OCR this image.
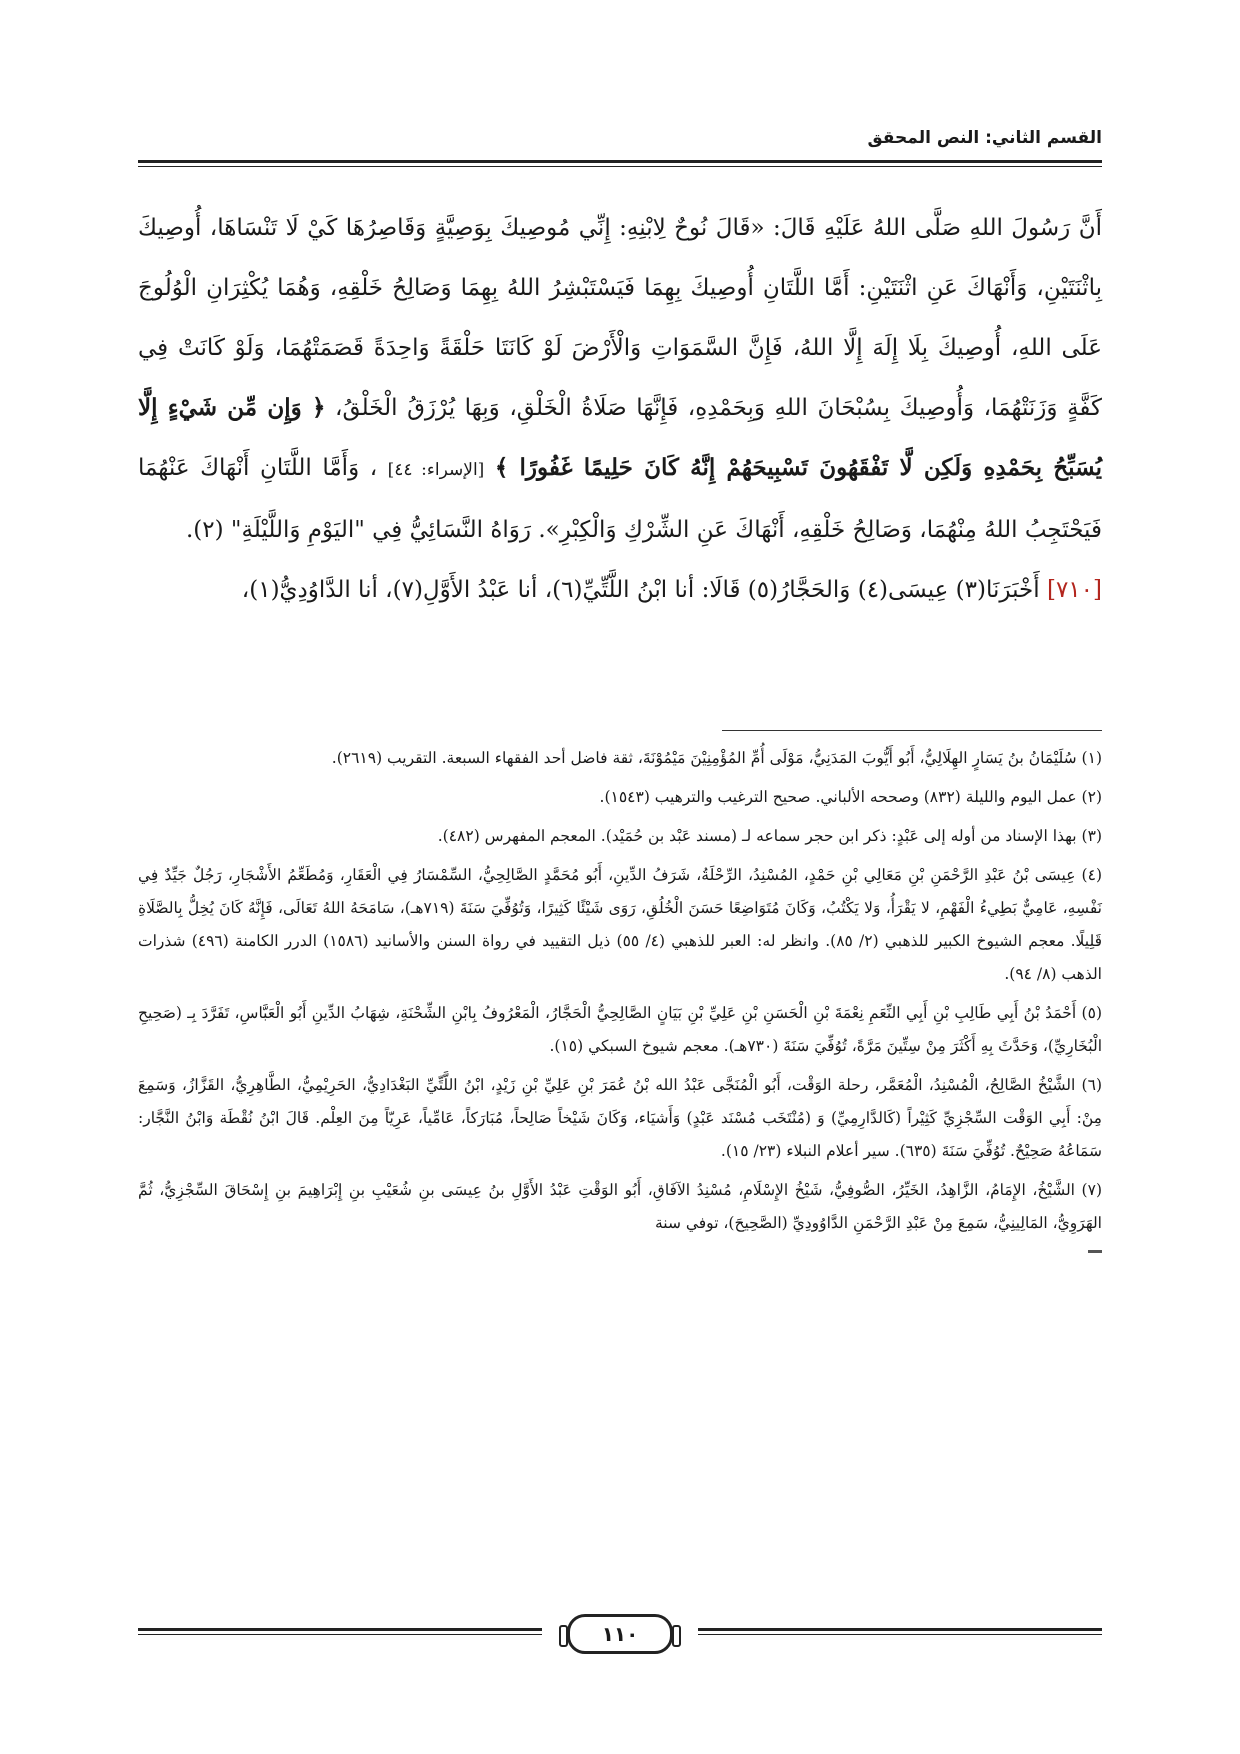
القسم الثاني: النص المحقق

أَنَّ رَسُولَ اللهِ صَلَّى اللهُ عَلَيْهِ قَالَ: «قَالَ نُوحٌ لِابْنِهِ: إِنِّي مُوصِيكَ بِوَصِيَّةٍ وَقَاصِرُهَا كَيْ لَا تَنْسَاهَا، أُوصِيكَ بِاثْنَتَيْنِ، وَأَنْهَاكَ عَنِ اثْنَتَيْنِ: أَمَّا اللَّتَانِ أُوصِيكَ بِهِمَا فَيَسْتَبْشِرُ اللهُ بِهِمَا وَصَالِحُ خَلْقِهِ، وَهُمَا يُكْثِرَانِ الْوُلُوجَ عَلَى اللهِ، أُوصِيكَ بِلَا إِلَهَ إِلَّا اللهُ، فَإِنَّ السَّمَوَاتِ وَالْأَرْضَ لَوْ كَانَتَا حَلْقَةً وَاحِدَةً قَصَمَتْهُمَا، وَلَوْ كَانَتْ فِي كَفَّةٍ وَزَنَتْهُمَا، وَأُوصِيكَ بِسُبْحَانَ اللهِ وَبِحَمْدِهِ، فَإِنَّهَا صَلَاةُ الْخَلْقِ، وَبِهَا يُرْزَقُ الْخَلْقُ، ﴿ وَإِن مِّن شَيْءٍ إِلَّا يُسَبِّحُ بِحَمْدِهِ وَلَكِن لَّا تَفْقَهُونَ تَسْبِيحَهُمْ إِنَّهُ كَانَ حَلِيمًا غَفُورًا ﴾ [الإسراء: ٤٤] ، وَأَمَّا اللَّتَانِ أَنْهَاكَ عَنْهُمَا فَيَحْتَجِبُ اللهُ مِنْهُمَا، وَصَالِحُ خَلْقِهِ، أَنْهَاكَ عَنِ الشِّرْكِ وَالْكِبْرِ». رَوَاهُ النَّسَائِيُّ فِي "اليَوْمِ وَاللَّيْلَةِ" (٢).

[٧١٠] أَخْبَرَنَا(٣) عِيسَى(٤) وَالحَجَّارُ(٥) قَالَا: أنا ابْنُ اللَّتِّيِّ(٦)، أنا عَبْدُ الأَوَّلِ(٧)، أنا الدَّاوُدِيُّ(١)،

(١) سُلَيْمَانُ بنُ يَسَارٍ الهِلَالِيُّ، أَبُو أَيُّوبَ المَدَنِيُّ، مَوْلَى أُمِّ المُؤْمِنِيْنَ مَيْمُوْنَةَ، ثقة فاضل أحد الفقهاء السبعة. التقريب (٢٦١٩).

(٢) عمل اليوم والليلة (٨٣٢) وصححه الألباني. صحيح الترغيب والترهيب (١٥٤٣).

(٣) بهذا الإسناد من أوله إلى عَبْدٍ: ذكر ابن حجر سماعه لـ (مسند عَبْد بن حُمَيْد). المعجم المفهرس (٤٨٢).

(٤) عِيسَى بْنُ عَبْدِ الرَّحْمَنِ بْنِ مَعَالِي بْنِ حَمْدٍ، المُسْنِدُ، الرِّحْلَةُ، شَرَفُ الدِّينِ، أَبُو مُحَمَّدٍ الصَّالِحِيُّ، السِّمْسَارُ فِي الْعَقَارِ، وَمُطَعِّمُ الأَشْجَارِ، رَجُلٌ جَيِّدٌ فِي نَفْسِهِ، عَامِيٌّ بَطِيءُ الْفَهْمِ، لا يَقْرَأُ، وَلا يَكْتُبُ، وَكَانَ مُتَوَاضِعًا حَسَنَ الْخُلُقِ، رَوَى شَيْئًا كَثِيرًا، وَتُوُفِّيَ سَنَةَ (٧١٩هـ)، سَامَحَهُ اللهُ تَعَالَى، فَإِنَّهُ كَانَ يُخِلُّ بِالصَّلَاةِ قَلِيلًا. معجم الشيوخ الكبير للذهبي (٢/ ٨٥). وانظر له: العبر للذهبي (٤/ ٥٥) ذيل التقييد في رواة السنن والأسانيد (١٥٨٦) الدرر الكامنة (٤٩٦) شذرات الذهب (٨/ ٩٤).

(٥) أَحْمَدُ بْنُ أَبِي طَالِبِ بْنِ أَبِي النِّعَمِ نِعْمَةَ بْنِ الْحَسَنِ بْنِ عَلِيِّ بْنِ بَيَانٍ الصَّالِحِيُّ الْحَجَّارُ، الْمَعْرُوفُ بِابْنِ الشِّحْنَةِ، شِهَابُ الدِّينِ أَبُو الْعَبَّاسِ، تَفَرَّدَ بِـ (صَحِيحِ الْبُخَارِيِّ)، وَحَدَّثَ بِهِ أَكْثَرَ مِنْ سِتِّينَ مَرَّةً، تُوُفِّيَ سَنَةَ (٧٣٠هـ). معجم شيوخ السبكي (١٥).

(٦) الشَّيْخُ الصَّالِحُ، الْمُسْنِدُ، الْمُعَمَّر، رحلة الوَقْت، أَبُو الْمُنَجَّى عَبْدُ الله بْنُ عُمَرَ بْنِ عَلِيِّ بْنِ زَيْدٍ، ابْنُ اللَّتِّيِّ البَغْدَادِيُّ، الحَرِيْمِيُّ، الطَّاهِرِيُّ، القَزَّازُ، وَسَمِعَ مِنْ: أَبِي الوَقْت السِّجْزِيِّ كَثِيْراً (كَالدَّارِمِيِّ) وَ (مُنْتَخَب مُسْنَد عَبْدٍ) وَأَشيَاء، وَكَانَ شَيْخاً صَالِحاً، مُبَارَكاً، عَامِّياً، عَرِيّاً مِنَ العِلْم. قَالَ ابْنُ نُقْطَة وَابْنُ النَّجَّار: سَمَاعُهُ صَحِيْحٌ. تُوُفِّيَ سَنَةَ (٦٣٥). سير أعلام النبلاء (٢٣/ ١٥).

(٧) الشَّيْخُ، الإِمَامُ، الزَّاهِدُ، الخَيِّرُ، الصُّوفِيُّ، شَيْخُ الإِسْلَامِ، مُسْنِدُ الآفَاقِ، أَبُو الوَقْتِ عَبْدُ الأَوَّلِ بنُ عِيسَى بنِ شُعَيْبِ بنِ إِبْرَاهِيمَ بنِ إِسْحَاقَ السِّجْزِيُّ، ثُمَّ الهَرَوِيُّ، المَالِينِيُّ، سَمِعَ مِنْ عَبْدِ الرَّحْمَنِ الدَّاوُودِيِّ (الصَّحِيحَ)، توفي سنة

١١٠
